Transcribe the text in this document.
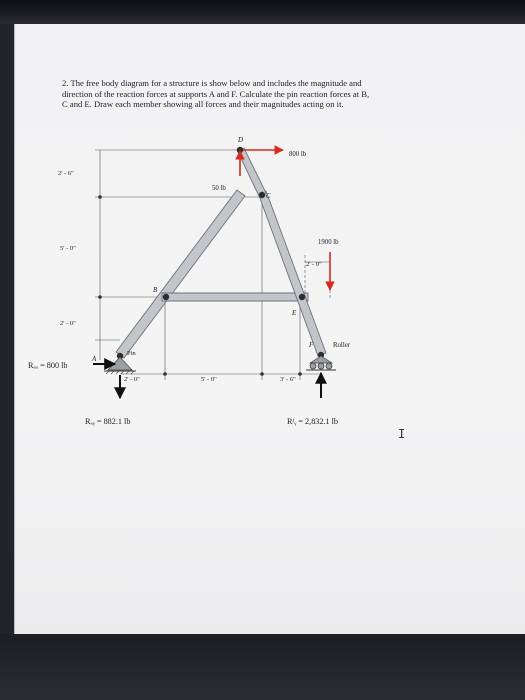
2. The free body diagram for a structure is show below and includes the magnitude and
direction of the reaction forces at supports A and F. Calculate the pin reaction forces at B,
C and E. Draw each member showing all forces and their magnitudes acting on it.
D
C
B
E
A
F
Pin
Roller
800 lb
50 lb
1900 lb
2' - 6"
5' - 0"
2' - 0"
2' - 0"	5' - 0"	3' - 6"
2' - 0"
Rₐₓ = 800 lb
Rₐᵧ = 882.1 lb	Rᶠᵧ = 2,832.1 lb
I
